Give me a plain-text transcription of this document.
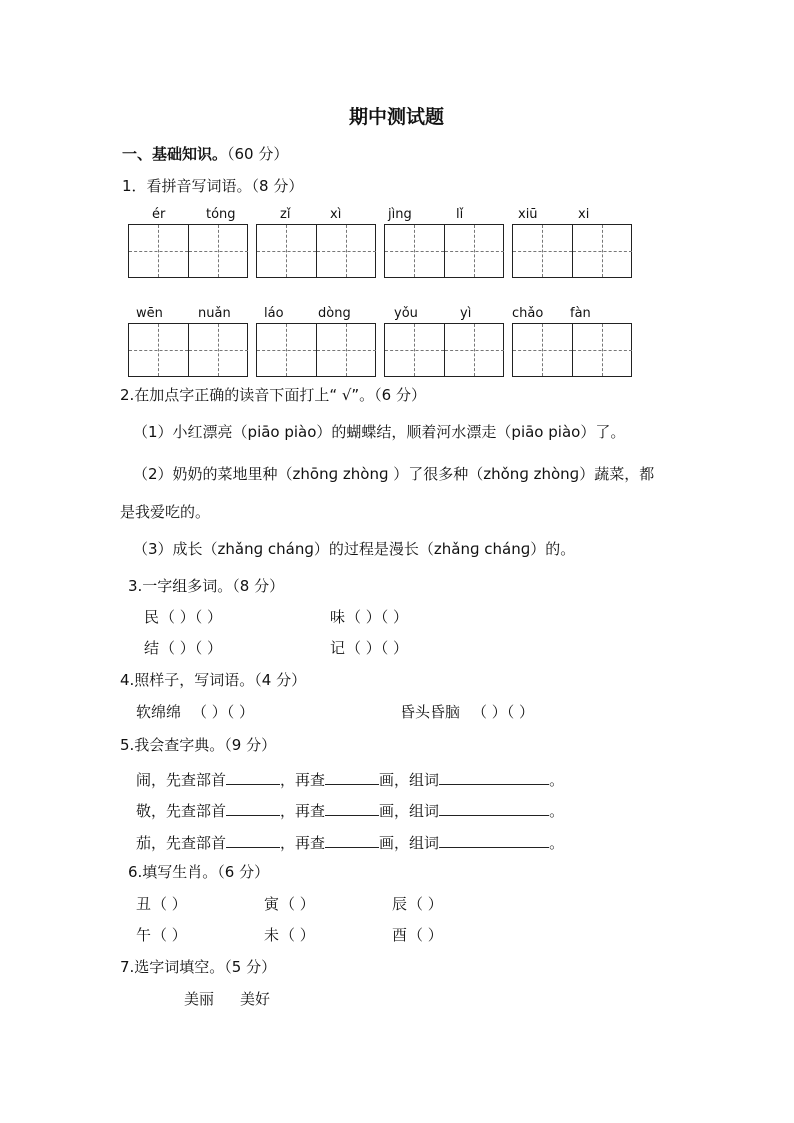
期中测试题
一、基础知识。（60 分）
1．看拼音写词语。（8 分）
ér	tóng	zǐ	xì	jìng	lǐ	xiū	xi
wēn	nuǎn	láo	dòng	yǒu	yì	chǎo fàn
2.在加点字正确的读音下面打上“ √”。（6 分）
（1）小红漂亮（piāo piào）的蝴蝶结，顺着河水漂走（piāo piào）了。
（2）奶奶的菜地里种（zhōnɡ zhònɡ ）了很多种（zhǒnɡ zhònɡ）蔬菜，都
是我爱吃的。
（3）成长（zhǎnɡ chánɡ）的过程是漫长（zhǎnɡ chánɡ）的。
3.一字组多词。（8 分）
民 （ ）（ ）	味 （ ）（ ）
结 （ ）（ ）	记 （ ）（ ）
4.照样子，写词语。（4 分）
软绵绵 （ ）（ ）	昏头昏脑 （ ）（ ）
5.我会查字典。（9 分）
闹，先查部首	，再查	画，组词	。
敬，先查部首	，再查	画，组词	。
茄，先查部首	，再查	画，组词	。
6.填写生肖。（6 分）
丑 （ ）	寅 （ ）	辰 （ ）
午 （ ）	未 （ ）	酉 （ ）
7.选字词填空。（5 分）
美丽 美好
